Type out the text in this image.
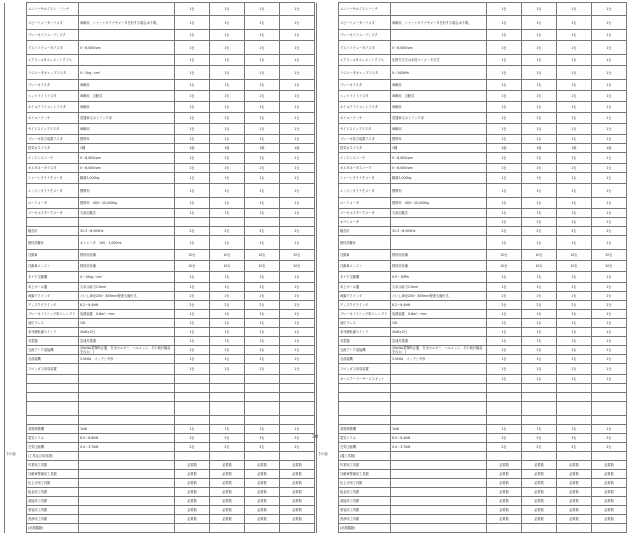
	ユニバーサルテスト　バンチ		1台	1台	1台	1台
	スピードメーターテスタ	車軸用、シャーシダイナモメータを有する場合は不要。	1台	1台	1台	1台
	ブレーキドラム・ディスク		1台	1台	1台	1台
	デストリビュータテスタ	0～8,000rpm	1台	1台	1台	1台
	エアフィルタエレメントクラス		1台	1台	1台	1台
	ラジエータキャップテスタ	0～2kg／cm²	1台	1台	1台	1台
	ブレーキテスタ	車軸用	1台	1台	1台	1台
	ヘッドライトテスタ	車軸用、自動式	1台	1台	1台	1台
	ホイルアライメントテスタ	車軸用	1台	1台	1台	1台
	ホイルバランサ	普通車又はトラック用	1台	1台	1台	1台
	サイドスリップテスタ	車軸用	1台	1台	1台	1台
	ブレーキ倍力装置テスタ	携帯用	1台	1台	1台	1台
	排気ガステスタ	1種	1組	1組	1組	1組
	エンジンスコープ	0～8,000rpm	1台	1台	1台	1台
	オルタネータテスタ	0～8,000rpm	1台	1台	1台	1台
	シャーシダイナモメータ	軸重2,000kg	1台	1台	1台	1台
	エンジンダイナモメータ	標準形	1台	1台	1台	1台
	ロードメータ	携帯用　400～10,000kg	1台	1台	1台	1台
	ジーゼルスモークメータ	当該記載式	1台	1台	1台	1台

	騒音計	31.5～8,000Hz	2台	2台	2台	2台
	燃料消費計	オシレータ　100、1,000ml	1台	1台	1台	1台
	自動車	教材用各種	10台	10台	10台	20台
	自動車エンジン	教材用各種	10台	10台	10台	20台
	タイヤ交換機	0～10kg／cm²	1台	1台	1台	1台
	卓上ボール盤	穴あけ能力13mm	1台	1台	1台	1台
	両頭グラインダ	といし車径200～305mm程度も備付き。	1台	1台	1台	1台
	ディスクグラインダ	6.2～9.4kW	2台	2台	2台	2台
	ブレーキライニング用ドレンプリ	処理装置　0.8m³／min	1台	1台	1台	1台
	油圧プレス	10t	1台	1台	1台	1台
	赤外線乾燥ステンド	2kW×2台	1台	1台	1台	1台
	充電器	急速充電器	1台	1台	1台	1台
	交流アーク溶接機	20kVA(電撃防止器、安全ホルダー、ヘルメット、その他付属品を含む。)	1台	1台	1台	1台
	点溶接機	3.5kVA、コンデンサ形	1台	1台	1台	1台
	フロンガス回収装置		1台	1台	1台	1台

	高型研磨機	1kW	1台	1台	1台	1台
	電気ドリル	6.5～8.6kW	3台	3台	3台	3台
	空気圧縮機	0.4～3.7kW	2台	2台	2台	2台
その他	(工具及び用具類)					
	作業用工具類		必要数	必要数	必要数	必要数
	自動車整備用工具類		必要数	必要数	必要数	必要数
	仕上げ用工具類		必要数	必要数	必要数	必要数
	板金用工具類		必要数	必要数	必要数	必要数
	溶接用工具類		必要数	必要数	必要数	必要数
	塗装用工具類		必要数	必要数	必要数	必要数
	洗浄用工具類		必要数	必要数	必要数	必要数
	(計測器類)					
	ユニバーサルテストバンチ		1台	1台	1台	1台
	スピードメーターテスタ	車軸用、シャーシダイナモメータを有する場合は不要。	1台	1台	1台	1台
	ブレーキドラム・ディスク		1台	1台	1台	1台
	デストリビュータテスタ	0～8,000rpm	1台	1台	1台	1台
	エアフィルタエレメントクラス	比例方式又は水柱マノメータ方式	1台	1台	1台	1台
	ラジエータキャップテスタ	0～200kPa	1台	1台	1台	1台
	ブレーキテスタ	車軸用	1台	1台	1台	1台
	ヘッドライトテスタ	車軸用、自動式	1台	1台	1台	1台
	ホイルアライメントテスタ	車軸用	1台	1台	1台	1台
	ホイルバランサ	普通車又はトラック用	1台	1台	1台	1台
	サイドスリップテスタ	車軸用	1台	1台	1台	1台
	ブレーキ倍力装置テスタ	携帯用	1台	1台	1台	1台
	排気ガステスタ	1種	1組	1組	1組	1組
	エンジンスコープ	0～8,000rpm	1台	1台	1台	1台
	オルタネータスコープ	0～8,000rpm	1台	1台	1台	1台
	シャーシダイナモメータ	軸重2,000kg	1台	1台	1台	1台
	エンジンダイナモメータ	標準形	1台	1台	1台	1台
	ロードメータ	携帯用　400～10,000kg	1台	1台	1台	1台
	ジーゼルスモークメータ	当該記載式	1台	1台	1台	1台
	オパシメータ		1台	1台	1台	1台
	騒音計	31.5～8,000Hz	2台	2台	2台	2台
	燃料消費計		1台	1台	1台	1台
	自動車	教材用各種	10台	10台	10台	20台
	自動車エンジン	教材用各種	10台	10台	10台	20台
	タイヤ交換機	0.9～1MPa	1台	1台	1台	1台
	卓上ボール盤	穴あけ能力13mm	1台	1台	1台	1台
	両頭グラインダ	といし車径200～305mm程度も備付き。	1台	1台	1台	1台
	ディスクグラインダ	6.2～9.4kW	2台	2台	2台	2台
	ブレーキライニング用ドレンプリ	処理装置　0.8m³／min	1台	1台	1台	1台
	油圧プレス	10t	1台	1台	1台	1台
	赤外線乾燥ステンド	2kW×2台	1台	1台	1台	1台
	充電器	急速充電器	1台	1台	1台	1台
	交流アーク溶接機	20kVA(電撃防止器、安全ホルダー、ヘルメット、その他付属品を含む。)	1台	1台	1台	1台
	点溶接機	3.5kVA、コンデンサ形	1台	1台	1台	1台
	フロンガス回収装置		1台	1台	1台	1台
	カーエアーラーサービスキット		1台	1台	1台	1台

	高型研磨機	1kW	1台	1台	1台	1台
	電気ドリル	6.5～9.4kW	3台	3台	3台	3台
	空気圧縮機	0.4～3.7kW	2台	2台	2台	2台
その他	(器工具類)					
	作業用工具類		必要数	必要数	必要数	必要数
	自動車整備用工具類		必要数	必要数	必要数	必要数
	仕上げ用工具類		必要数	必要数	必要数	必要数
	板金用工具類		必要数	必要数	必要数	必要数
	溶接用工具類		必要数	必要数	必要数	必要数
	塗装用工具類		必要数	必要数	必要数	必要数
	洗浄用工具類		必要数	必要数	必要数	必要数
	(計測器類)					
30
